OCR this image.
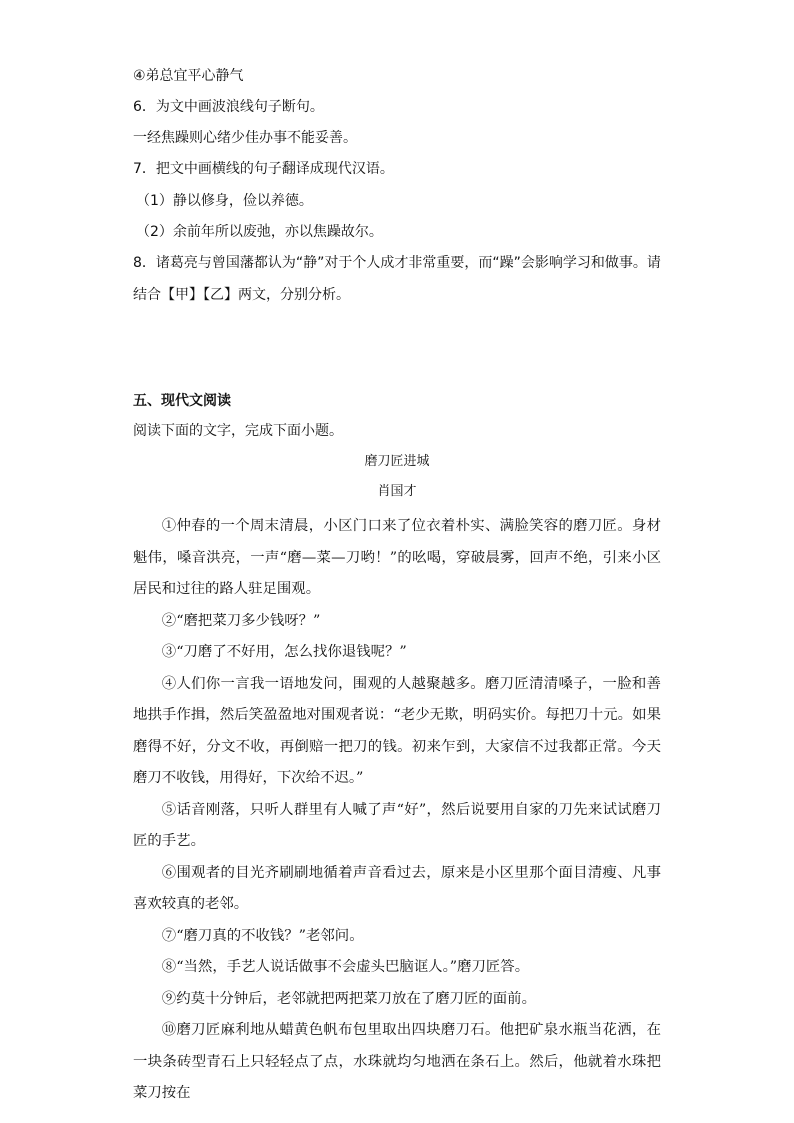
④弟总宜平心静气
6．为文中画波浪线句子断句。
一经焦躁则心绪少佳办事不能妥善。
7．把文中画横线的句子翻译成现代汉语。
（1）静以修身，俭以养德。
（2）余前年所以废弛，亦以焦躁故尔。
8．诸葛亮与曾国藩都认为“静”对于个人成才非常重要，而“躁”会影响学习和做事。请
结合【甲】【乙】两文，分别分析。
五、现代文阅读
阅读下面的文字，完成下面小题。
磨刀匠进城
肖国才

①仲春的一个周末清晨，小区门口来了位衣着朴实、满脸笑容的磨刀匠。身材魁伟，嗓音洪亮，一声“磨—菜—刀哟！”的吆喝，穿破晨雾，回声不绝，引来小区居民和过往的路人驻足围观。

②“磨把菜刀多少钱呀？”

③“刀磨了不好用，怎么找你退钱呢？”

④人们你一言我一语地发问，围观的人越聚越多。磨刀匠清清嗓子，一脸和善地拱手作揖，然后笑盈盈地对围观者说：“老少无欺，明码实价。每把刀十元。如果磨得不好，分文不收，再倒赔一把刀的钱。初来乍到，大家信不过我都正常。今天磨刀不收钱，用得好，下次给不迟。”

⑤话音刚落，只听人群里有人喊了声“好”，然后说要用自家的刀先来试试磨刀匠的手艺。

⑥围观者的目光齐刷刷地循着声音看过去，原来是小区里那个面目清瘦、凡事喜欢较真的老邻。

⑦“磨刀真的不收钱？”老邻问。

⑧“当然，手艺人说话做事不会虚头巴脑诓人。”磨刀匠答。

⑨约莫十分钟后，老邻就把两把菜刀放在了磨刀匠的面前。

⑩磨刀匠麻利地从蜡黄色帆布包里取出四块磨刀石。他把矿泉水瓶当花洒，在一块条砖型青石上只轻轻点了点，水珠就均匀地洒在条石上。然后，他就着水珠把菜刀按在
